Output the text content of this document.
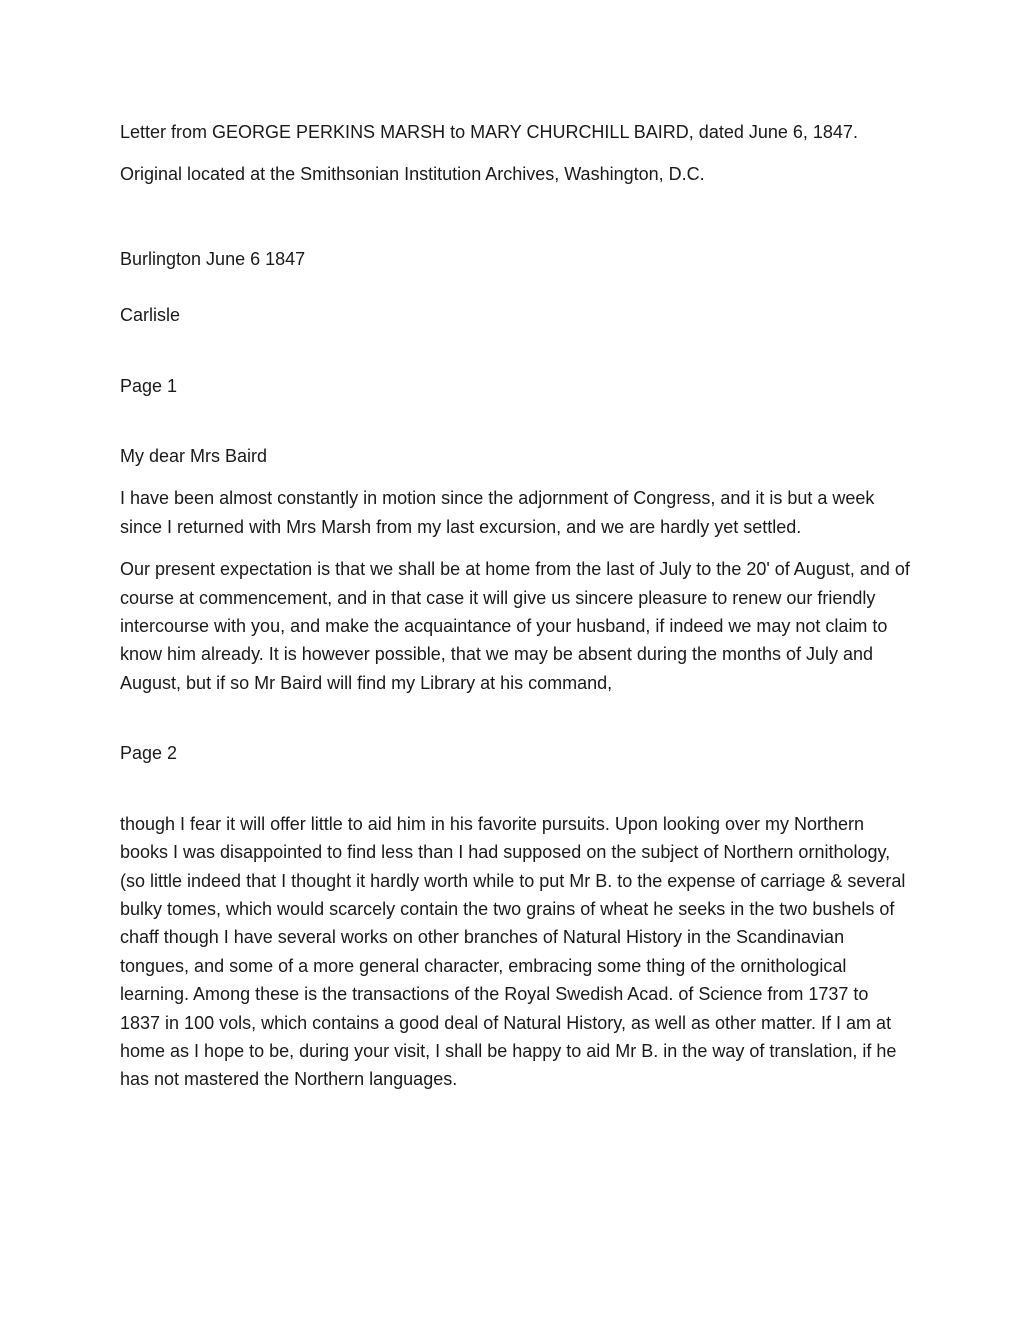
Letter from GEORGE PERKINS MARSH to MARY CHURCHILL BAIRD, dated June 6, 1847.

Original located at the Smithsonian Institution Archives, Washington, D.C.

Burlington June 6 1847

Carlisle

Page 1

My dear Mrs Baird

I have been almost constantly in motion since the adjornment of Congress, and it is but a week since I returned with Mrs Marsh from my last excursion, and we are hardly yet settled.

Our present expectation is that we shall be at home from the last of July to the 20' of August, and of course at commencement, and in that case it will give us sincere pleasure to renew our friendly intercourse with you, and make the acquaintance of your husband, if indeed we may not claim to know him already. It is however possible, that we may be absent during the months of July and August, but if so Mr Baird will find my Library at his command,

Page 2

though I fear it will offer little to aid him in his favorite pursuits. Upon looking over my Northern books I was disappointed to find less than I had supposed on the subject of Northern ornithology, (so little indeed that I thought it hardly worth while to put Mr B. to the expense of carriage & several bulky tomes, which would scarcely contain the two grains of wheat he seeks in the two bushels of chaff though I have several works on other branches of Natural History in the Scandinavian tongues, and some of a more general character, embracing some thing of the ornithological learning. Among these is the transactions of the Royal Swedish Acad. of Science from 1737 to 1837 in 100 vols, which contains a good deal of Natural History, as well as other matter. If I am at home as I hope to be, during your visit, I shall be happy to aid Mr B. in the way of translation, if he has not mastered the Northern languages.
